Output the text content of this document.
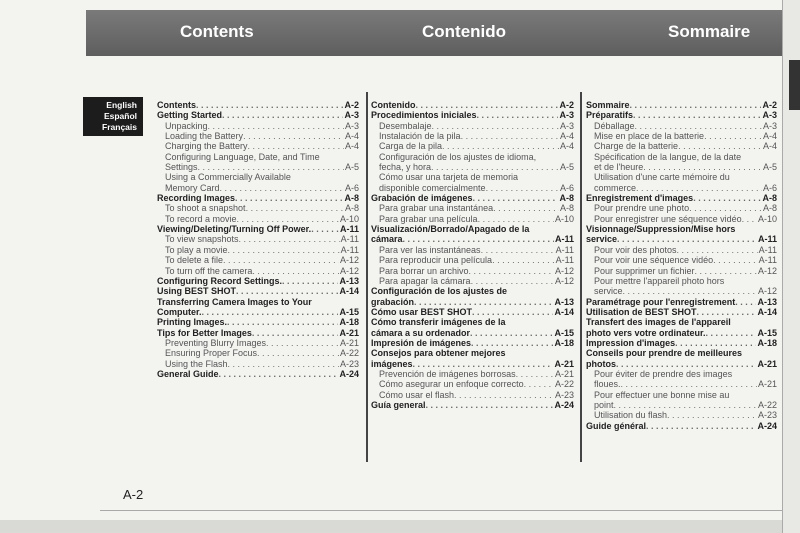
Contents	Contenido	Sommaire
English
Español
Français
Contents . . .	A-2
Getting Started . . .	A-3
Unpacking . . .	A-3
Loading the Battery . . .	A-4
Charging the Battery . . .	A-4
Configuring Language, Date, and Time
Settings . . .	A-5
Using a Commercially Available
Memory Card . . .	A-6
Recording Images . . .	A-8
To shoot a snapshot . . .	A-8
To record a movie . . .	A-10
Viewing/Deleting/Turning Off Power. . . .	A-11
To view snapshots . . .	A-11
To play a movie . . .	A-11
To delete a file . . .	A-12
To turn off the camera . . .	A-12
Configuring Record Settings. . . .	A-13
Using BEST SHOT . . .	A-14
Transferring Camera Images to Your
Computer. . . .	A-15
Printing Images. . . .	A-18
Tips for Better Images . . .	A-21
Preventing Blurry Images . . .	A-21
Ensuring Proper Focus . . .	A-22
Using the Flash . . .	A-23
General Guide . . .	A-24
Contenido . . .	A-2
Procedimientos iniciales . . .	A-3
Desembalaje . . .	A-3
Instalación de la pila . . .	A-4
Carga de la pila . . .	A-4
Configuración de los ajustes de idioma,
fecha, y hora . . .	A-5
Cómo usar una tarjeta de memoria
disponible comercialmente . . .	A-6
Grabación de imágenes . . .	A-8
Para grabar una instantánea . . .	A-8
Para grabar una película . . .	A-10
Visualización/Borrado/Apagado de la
cámara . . .	A-11
Para ver las instantáneas . . .	A-11
Para reproducir una película . . .	A-11
Para borrar un archivo . . .	A-12
Para apagar la cámara . . .	A-12
Configuración de los ajustes de
grabación . . .	A-13
Cómo usar BEST SHOT . . .	A-14
Cómo transferir imágenes de la
cámara a su ordenador . . .	A-15
Impresión de imágenes . . .	A-18
Consejos para obtener mejores
imágenes . . .	A-21
Prevención de imágenes borrosas . . .	A-21
Cómo asegurar un enfoque correcto . . .	A-22
Cómo usar el flash . . .	A-23
Guía general . . .	A-24
Sommaire . . .	A-2
Préparatifs . . .	A-3
Déballage . . .	A-3
Mise en place de la batterie . . .	A-4
Charge de la batterie . . .	A-4
Spécification de la langue, de la date
et de l'heure . . .	A-5
Utilisation d'une carte mémoire du
commerce . . .	A-6
Enregistrement d'images . . .	A-8
Pour prendre une photo . . .	A-8
Pour enregistrer une séquence vidéo . . . A-10
Visionnage/Suppression/Mise hors
service . . .	A-11
Pour voir des photos . . .	A-11
Pour voir une séquence vidéo . . .	A-11
Pour supprimer un fichier . . .	A-12
Pour mettre l'appareil photo hors
service . . .	A-12
Paramétrage pour l'enregistrement . . . A-13
Utilisation de BEST SHOT . . .	A-14
Transfert des images de l'appareil
photo vers votre ordinateur. . . .	A-15
Impression d'images . . .	A-18
Conseils pour prendre de meilleures
photos . . .	A-21
Pour éviter de prendre des images
floues. . . .	A-21
Pour effectuer une bonne mise au
point . . .	A-22
Utilisation du flash . . .	A-23
Guide général . . .	A-24
A-2
